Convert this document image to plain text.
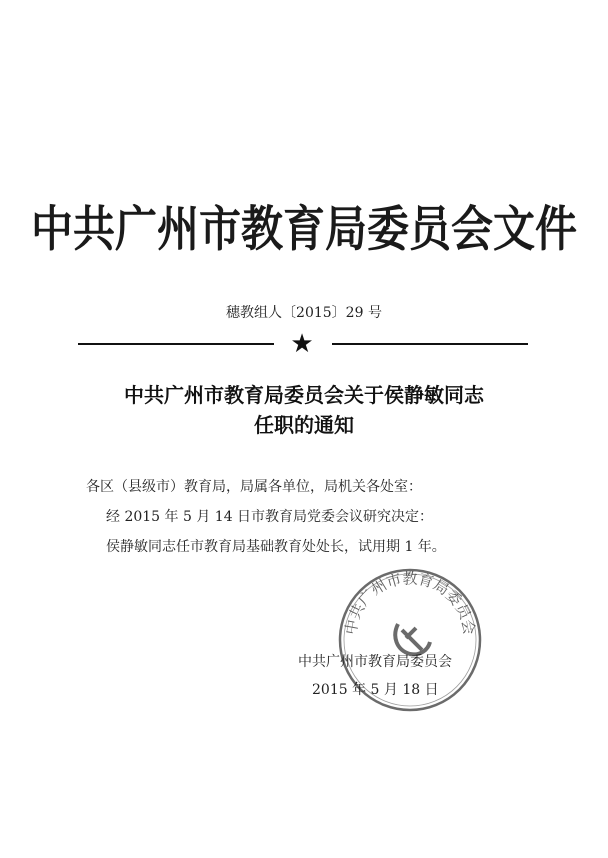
中共广州市教育局委员会文件
穗教组人〔2015〕29 号
★
中共广州市教育局委员会关于侯静敏同志
任职的通知

各区（县级市）教育局，局属各单位，局机关各处室：

经 2015 年 5 月 14 日市教育局党委会议研究决定：

侯静敏同志任市教育局基础教育处处长，试用期 1 年。

中共广州市教育局委员会

中共广州市教育局委员会

2015 年 5 月 18 日
